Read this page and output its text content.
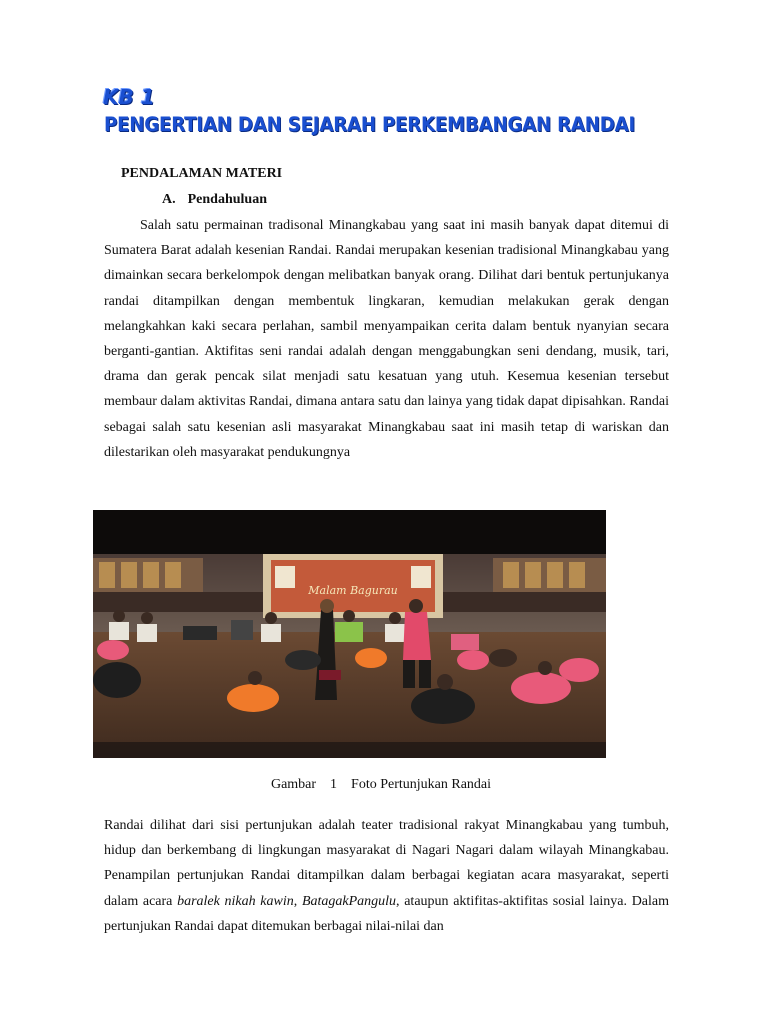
KB 1
PENGERTIAN DAN SEJARAH PERKEMBANGAN RANDAI
PENDALAMAN MATERI
A. Pendahuluan
Salah satu permainan tradisonal Minangkabau yang saat ini masih banyak dapat ditemui di Sumatera Barat adalah kesenian Randai. Randai merupakan kesenian tradisional Minangkabau yang dimainkan secara berkelompok dengan melibatkan banyak orang. Dilihat dari bentuk pertunjukanya randai ditampilkan dengan membentuk lingkaran, kemudian melakukan gerak dengan melangkahkan kaki secara perlahan, sambil menyampaikan cerita dalam bentuk nyanyian secara berganti-gantian. Aktifitas seni randai adalah dengan menggabungkan seni dendang, musik, tari, drama dan gerak pencak silat menjadi satu kesatuan yang utuh. Kesemua kesenian tersebut membaur dalam aktivitas Randai, dimana antara satu dan lainya yang tidak dapat dipisahkan. Randai sebagai salah satu kesenian asli masyarakat Minangkabau saat ini masih tetap di wariskan dan dilestarikan oleh masyarakat pendukungnya
Malam Bagurau
Gambar 1 Foto Pertunjukan Randai
Randai dilihat dari sisi pertunjukan adalah teater tradisional rakyat Minangkabau yang tumbuh, hidup dan berkembang di lingkungan masyarakat di Nagari Nagari dalam wilayah Minangkabau. Penampilan pertunjukan Randai ditampilkan dalam berbagai kegiatan acara masyarakat, seperti dalam acara baralek nikah kawin, BatagakPangulu, ataupun aktifitas-aktifitas sosial lainya. Dalam pertunjukan Randai dapat ditemukan berbagai nilai-nilai dan
